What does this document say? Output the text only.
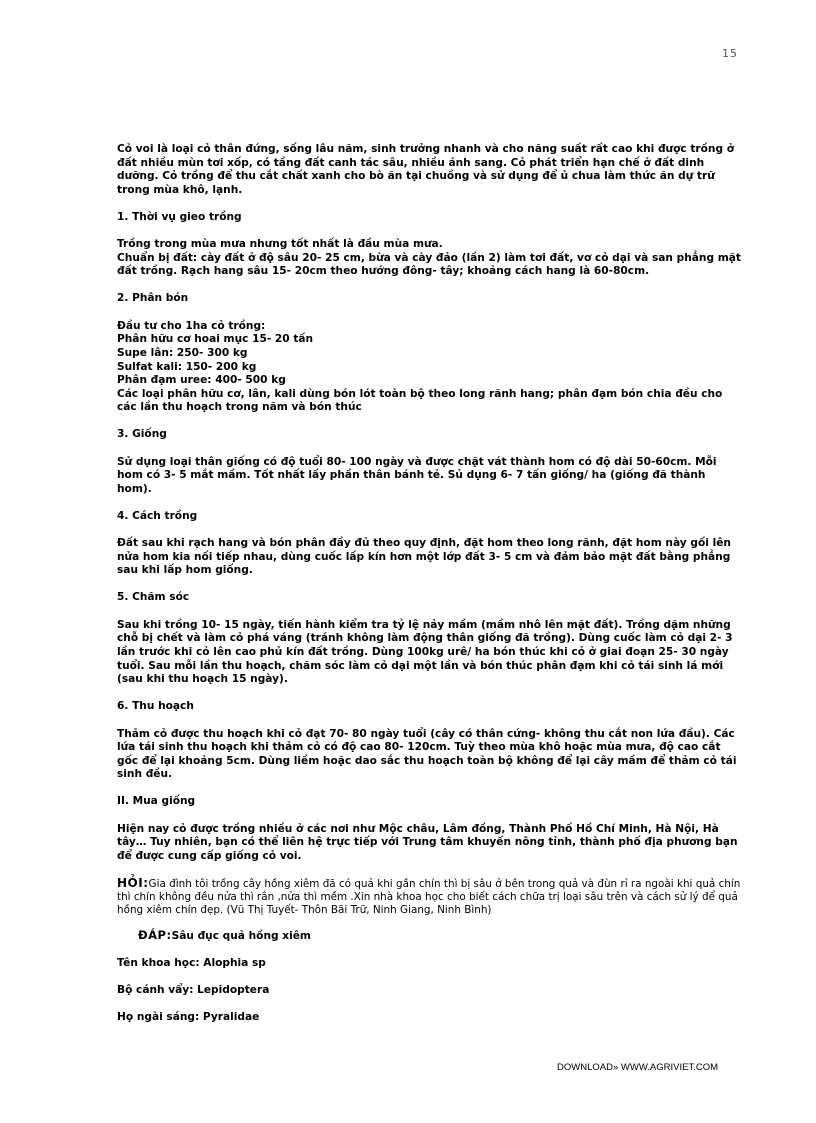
15

Cỏ voi là loại cỏ thân đứng, sống lâu năm, sinh trưởng nhanh và cho năng suất rất cao khi được trồng ở đất nhiều mùn tơi xốp, có tầng đất canh tác sâu, nhiều ánh sang. Cỏ phát triển hạn chế ở đất dinh dưỡng. Cỏ trồng để thu cắt chất xanh cho bò ăn tại chuồng và sử dụng để ủ chua làm thức ăn dự trữ trong mùa khô, lạnh.

1. Thời vụ gieo trồng

Trồng trong mùa mưa nhưng tốt nhất là đầu mùa mưa.
Chuẩn bị đất: cày đất ở độ sâu 20- 25 cm, bừa và cày đảo (lần 2) làm tơi đất, vơ cỏ dại và san phẳng mặt đất trồng. Rạch hang sâu 15- 20cm theo hướng đông- tây; khoảng cách hang là 60-80cm.

2. Phân bón

Đầu tư cho 1ha cỏ trồng:
Phân hữu cơ hoai mục 15- 20 tấn
Supe lân: 250- 300 kg
Sulfat kali: 150- 200 kg
Phân đạm uree: 400- 500 kg
Các loại phân hữu cơ, lân, kali dùng bón lót toàn bộ theo long rãnh hang; phân đạm bón chia đều cho các lần thu hoạch trong năm và bón thúc

3. Giống

Sử dụng loại thân giống có độ tuổi 80- 100 ngày và được chặt vát thành hom có độ dài 50-60cm. Mỗi hom có 3- 5 mắt mầm. Tốt nhất lấy phần thân bánh tẻ. Sủ dụng 6- 7 tấn giống/ ha (giống đã thành hom).

4. Cách trồng

Đất sau khi rạch hang và bón phân đầy đủ theo quy định, đặt hom theo long rãnh, đặt hom này gối lên nửa hom kia nối tiếp nhau, dùng cuốc lấp kín hơn một lớp đất 3- 5 cm và đảm bảo mặt đất bằng phẳng sau khi lấp hom giống.

5. Chăm sóc

Sau khi trồng 10- 15 ngày, tiến hành kiểm tra tỷ lệ nảy mầm (mầm nhô lên mặt đất). Trồng dặm những chỗ bị chết và làm cỏ phá váng (tránh không làm động thân giống đã trồng). Dùng cuốc làm cỏ dại 2- 3 lần trước khi cỏ lên cao phủ kín đất trồng. Dùng 100kg urê/ ha bón thúc khi cỏ ở giai đoạn 25- 30 ngày tuổi. Sau mỗi lần thu hoạch, chăm sóc làm cỏ dại một lần và bón thúc phân đạm khi cỏ tái sinh lá mới (sau khi thu hoạch 15 ngày).

6. Thu hoạch

Thảm cỏ được thu hoạch khi cỏ đạt 70- 80 ngày tuổi (cây có thân cứng- không thu cắt non lứa đầu). Các lứa tái sinh thu hoạch khi thảm cỏ có độ cao 80- 120cm. Tuỳ theo mùa khô hoặc mùa mưa, độ cao cắt gốc để lại khoảng 5cm. Dùng liềm hoặc dao sắc thu hoạch toàn bộ không để lại cây mầm để thảm cỏ tái sinh đều.

II. Mua giống

Hiện nay cỏ được trồng nhiều ở các nơi như Mộc châu, Lâm đồng, Thành Phố Hồ Chí Minh, Hà Nội, Hà tây… Tuy nhiên, bạn có thể liên hệ trực tiếp với Trung tâm khuyến nông tỉnh, thành phố địa phương bạn để được cung cấp giống cỏ voi.

HỎI:Gia đình tôi trồng cây hồng xiêm đã có quả khi gần chín thì bị sâu ở bên trong quả và đùn rỉ ra ngoài khi quả chín thì chín không đều nửa thì rắn ,nửa thì mềm .Xin nhà khoa học cho biết cách chữa trị loại sâu trên và cách sử lý để quả hồng xiêm chín đẹp. (Vũ Thị Tuyết- Thôn Bãi Trữ, Ninh Giang, Ninh Bình)

ĐÁP:Sâu đục quả hồng xiêm

Tên khoa học: Alophia sp

Bộ cánh vẩy: Lepidoptera

Họ ngài sáng: Pyralidae

DOWNLOAD» WWW.AGRIVIET.COM
